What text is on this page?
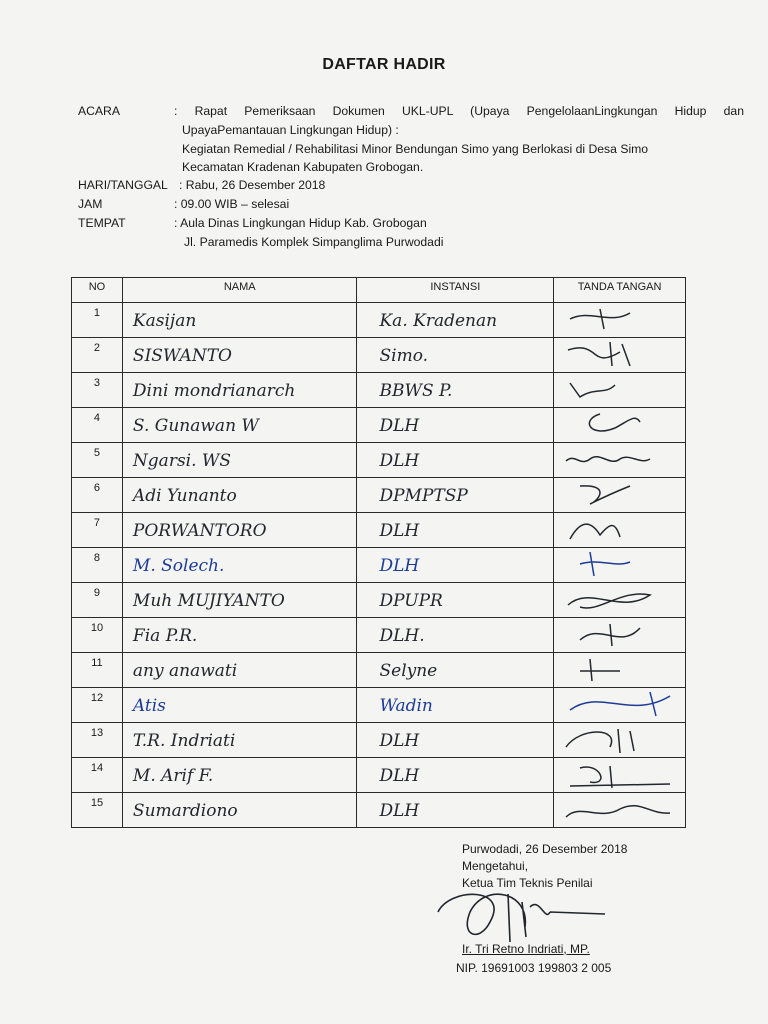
DAFTAR HADIR
ACARA	: Rapat Pemeriksaan Dokumen UKL-UPL (Upaya PengelolaanLingkungan Hidup dan
UpayaPemantauan Lingkungan Hidup) :
Kegiatan Remedial / Rehabilitasi Minor Bendungan Simo yang Berlokasi di Desa Simo
Kecamatan Kradenan Kabupaten Grobogan.
HARI/TANGGAL : Rabu, 26 Desember 2018
JAM	: 09.00 WIB – selesai
TEMPAT	: Aula Dinas Lingkungan Hidup Kab. Grobogan
Jl. Paramedis Komplek Simpanglima Purwodadi
NO	NAMA	INSTANSI	TANDA TANGAN
1	Kasijan	Ka. Kradenan

2	SISWANTO	Simo.

3	Dini mondrianarch	BBWS P.

4	S. Gunawan W	DLH

5	Ngarsi. WS	DLH

6	Adi Yunanto	DPMPTSP

7	PORWANTORO	DLH

8	M. Solech.	DLH

9	Muh MUJIYANTO	DPUPR

10	Fia P.R.	DLH.

11	any anawati	Selyne

12	Atis	Wadin

13	T.R. Indriati	DLH

14	M. Arif F.	DLH

15	Sumardiono	DLH

Purwodadi, 26 Desember 2018
Mengetahui,
Ketua Tim Teknis Penilai
Ir. Tri Retno Indriati, MP.
NIP. 19691003 199803 2 005
